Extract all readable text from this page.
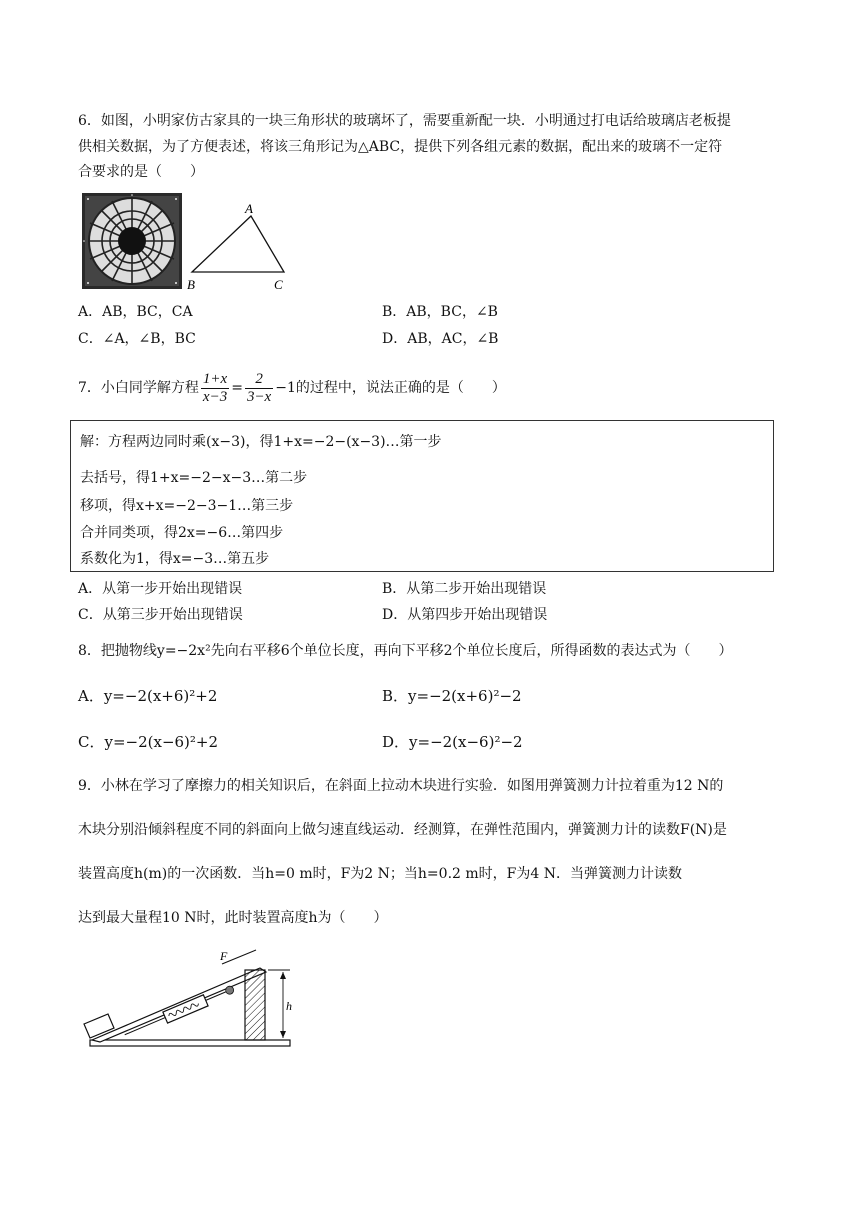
6．如图，小明家仿古家具的一块三角形状的玻璃坏了，需要重新配一块．小明通过打电话给玻璃店老板提
供相关数据，为了方便表述，将该三角形记为△ABC，提供下列各组元素的数据，配出来的玻璃不一定符
合要求的是（　　）
A
B	C
A．AB，BC，CA	B．AB，BC，∠B
C．∠A，∠B，BC	D．AB，AC，∠B
7．小白同学解方程 $\frac{1+x}{x-3} = \frac{2}{3-x} -1$的过程中，说法正确的是（　　）
解：方程两边同时乘(x−3)，得1+x=−2−(x−3)…第一步
去括号，得1+x=−2−x−3…第二步
移项，得x+x=−2−3−1…第三步
合并同类项，得2x=−6…第四步
系数化为1，得x=−3…第五步
A．从第一步开始出现错误	B．从第二步开始出现错误
C．从第三步开始出现错误	D．从第四步开始出现错误
8．把抛物线y=−2x²先向右平移6个单位长度，再向下平移2个单位长度后，所得函数的表达式为（　　）
A．y=−2(x+6)²+2	B．y=−2(x+6)²−2
C．y=−2(x−6)²+2	D．y=−2(x−6)²−2
9．小林在学习了摩擦力的相关知识后，在斜面上拉动木块进行实验．如图用弹簧测力计拉着重为12 N的
木块分别沿倾斜程度不同的斜面向上做匀速直线运动．经测算，在弹性范围内，弹簧测力计的读数F(N)是
装置高度h(m)的一次函数．当h=0 m时，F为2 N；当h=0.2 m时，F为4 N．当弹簧测力计读数
达到最大量程10 N时，此时装置高度h为（　　）
F
h
